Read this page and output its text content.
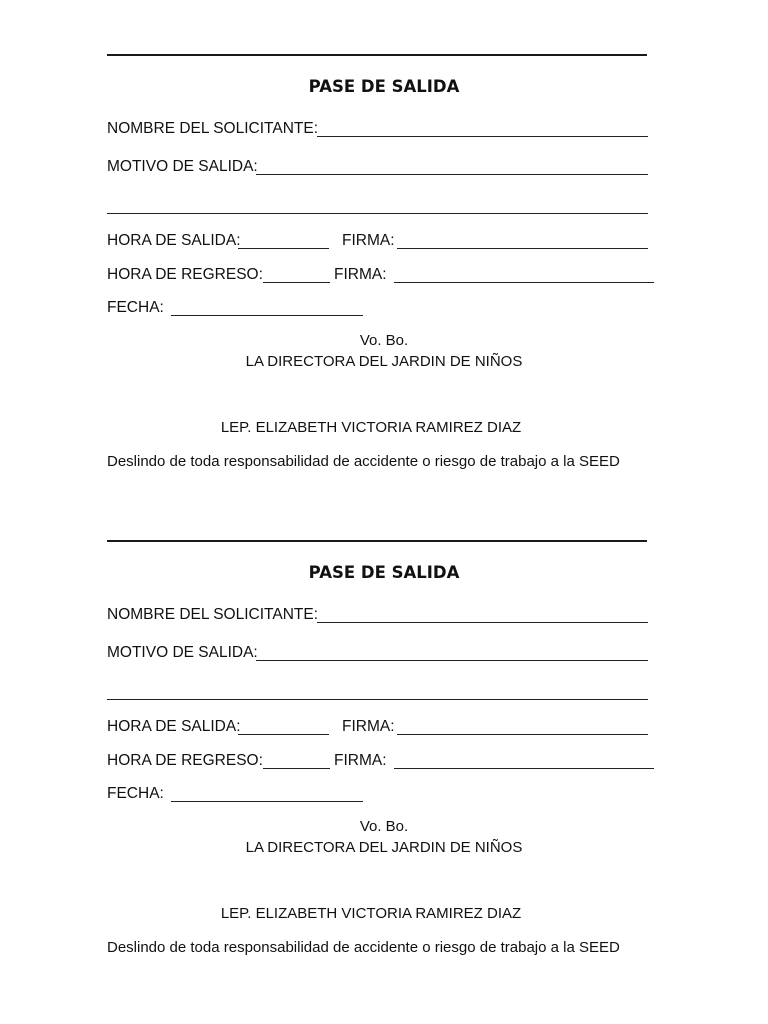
PASE DE SALIDA
NOMBRE DEL SOLICITANTE:
MOTIVO DE SALIDA:
HORA DE SALIDA:	FIRMA:
HORA DE REGRESO:	FIRMA:
FECHA:
Vo. Bo.
LA DIRECTORA DEL JARDIN DE NIÑOS
LEP. ELIZABETH VICTORIA RAMIREZ DIAZ
Deslindo de toda responsabilidad de accidente o riesgo de trabajo a la SEED
PASE DE SALIDA
NOMBRE DEL SOLICITANTE:
MOTIVO DE SALIDA:
HORA DE SALIDA:	FIRMA:
HORA DE REGRESO:	FIRMA:
FECHA:
Vo. Bo.
LA DIRECTORA DEL JARDIN DE NIÑOS
LEP. ELIZABETH VICTORIA RAMIREZ DIAZ
Deslindo de toda responsabilidad de accidente o riesgo de trabajo a la SEED
